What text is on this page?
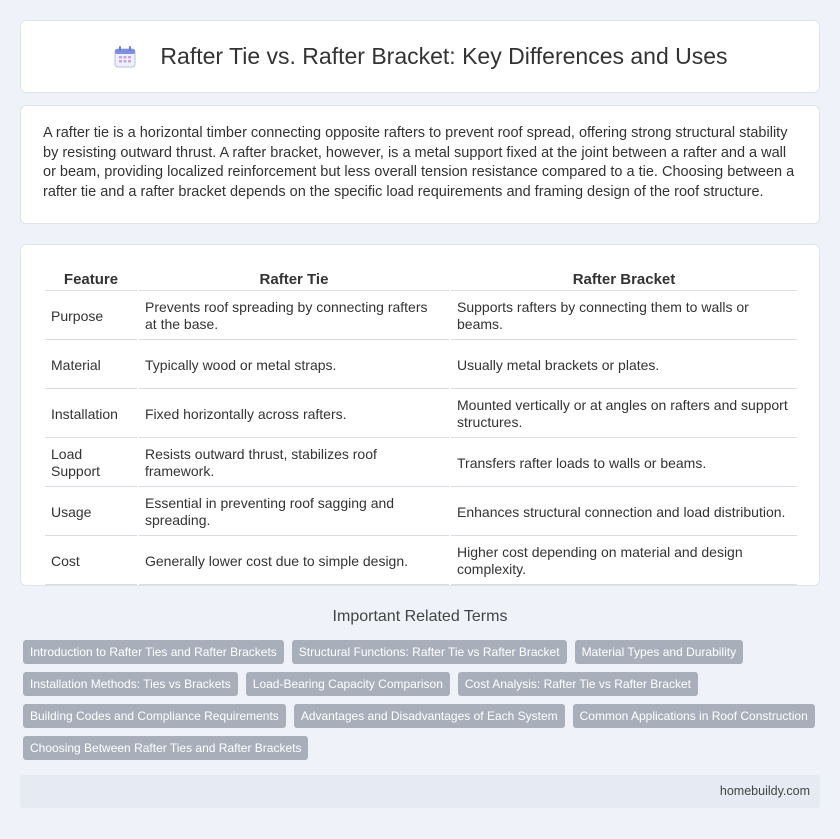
Rafter Tie vs. Rafter Bracket: Key Differences and Uses

A rafter tie is a horizontal timber connecting opposite rafters to prevent roof spread, offering strong structural stability by resisting outward thrust. A rafter bracket, however, is a metal support fixed at the joint between a rafter and a wall or beam, providing localized reinforcement but less overall tension resistance compared to a tie. Choosing between a rafter tie and a rafter bracket depends on the specific load requirements and framing design of the roof structure.

Feature	Rafter Tie	Rafter Bracket
Purpose	Prevents roof spreading by connecting rafters at the base.	Supports rafters by connecting them to walls or beams.
Material	Typically wood or metal straps.	Usually metal brackets or plates.
Installation	Fixed horizontally across rafters.	Mounted vertically or at angles on rafters and support structures.
Load Support	Resists outward thrust, stabilizes roof framework.	Transfers rafter loads to walls or beams.
Usage	Essential in preventing roof sagging and spreading.	Enhances structural connection and load distribution.
Cost	Generally lower cost due to simple design.	Higher cost depending on material and design complexity.
Important Related Terms
Introduction to Rafter Ties and Rafter Brackets	Structural Functions: Rafter Tie vs Rafter Bracket	Material Types and Durability
Installation Methods: Ties vs Brackets	Load-Bearing Capacity Comparison	Cost Analysis: Rafter Tie vs Rafter Bracket
Building Codes and Compliance Requirements	Advantages and Disadvantages of Each System	Common Applications in Roof Construction
Choosing Between Rafter Ties and Rafter Brackets
homebuildy.com
